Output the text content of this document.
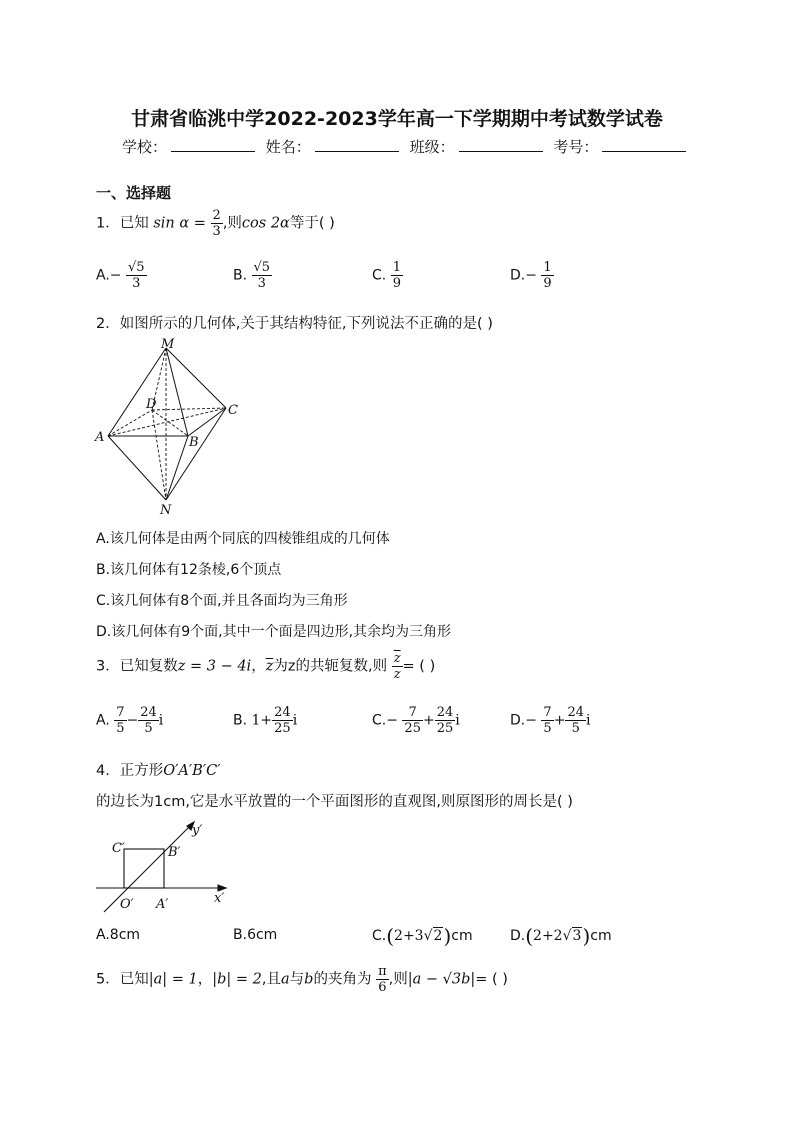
甘肃省临洮中学2022-2023学年高一下学期期中考试数学试卷
学校：	姓名：	班级：	考号：
一、选择题
1．已知 $\sin \alpha = \frac{2}{3}$ ,则cos 2α等于( )
$A.- \frac{√5}{3}$	B. $\frac{√5}{3}$	C. $\frac{1}{9}$	$D.- \frac{1}{9}$
2．如图所示的几何体,关于其结构特征,下列说法不正确的是( )
M
D	C
A	B
N
A.该几何体是由两个同底的四棱锥组成的几何体
B.该几何体有12条棱,6个顶点
C.该几何体有8个面,并且各面均为三角形
D.该几何体有9个面,其中一个面是四边形,其余均为三角形
3．已知复数z = 3 − 4i，$\overline{z}$为z的共轭复数,则 $\frac{\overline{z}}{z}$ = ( )
A. $\frac{7}{5} - \frac{24}{5}$ i	B. $1+ \frac{24}{25}$ i	$C.- \frac{7}{25} + \frac{24}{25}$ i	$D.- \frac{7}{5} + \frac{24}{5}$ i
4．正方形O′A′B′C′
的边长为1cm,它是水平放置的一个平面图形的直观图,则原图形的周长是( )
C′	B′
O′ A′	x′
y′
A.8cm	B.6cm	C.(2+3√2)cm	D.(2+2√3)cm
5．已知|a| = 1，|b| = 2,且a与b的夹角为 $\frac{\pi}{6}$ ,则|a − √3b|= ( )
